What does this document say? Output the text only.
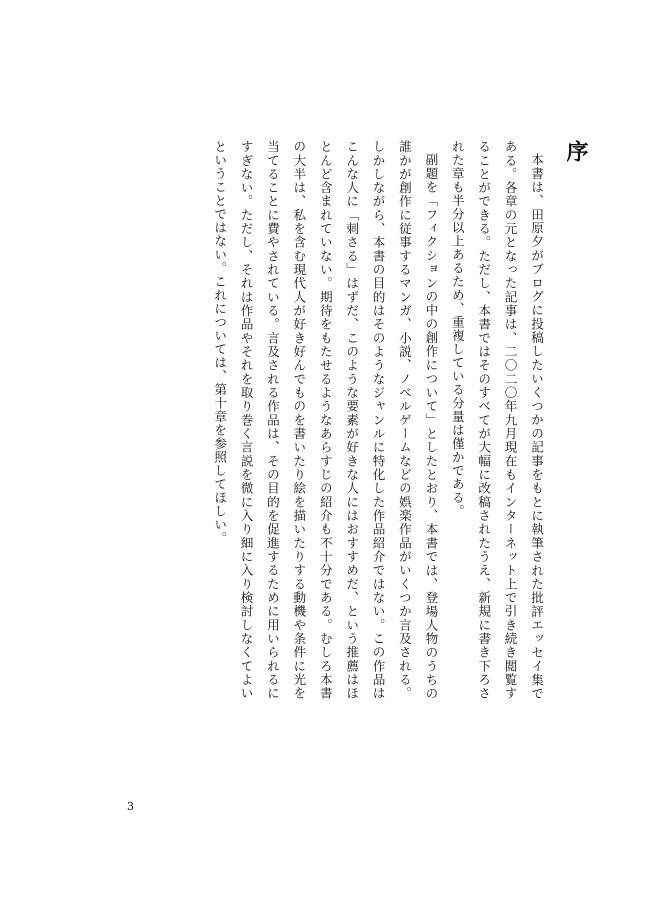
序

本書は、田原夕がブログに投稿したいくつかの記事をもとに執筆された批評エッセイ集である。各章の元となった記事は、二〇二〇年九月現在もインターネット上で引き続き閲覧することができる。ただし、本書ではそのすべてが大幅に改稿されたうえ、新規に書き下ろされた章も半分以上あるため、重複している分量は僅かである。

副題を「フィクションの中の創作について」としたとおり、本書では、登場人物のうちの誰かが創作に従事するマンガ、小説、ノベルゲームなどの娯楽作品がいくつか言及される。しかしながら、本書の目的はそのようなジャンルに特化した作品紹介ではない。この作品はこんな人に「刺さる」はずだ、このような要素が好きな人にはおすすめだ、という推薦はほとんど含まれていない。期待をもたせるようなあらすじの紹介も不十分である。むしろ本書の大半は、私を含む現代人が好き好んでものを書いたり絵を描いたりする動機や条件に光を当てることに費やされている。言及される作品は、その目的を促進するために用いられるにすぎない。ただし、それは作品やそれを取り巻く言説を微に入り細に入り検討しなくてよいということではない。これについては、第十章を参照してほしい。

3
